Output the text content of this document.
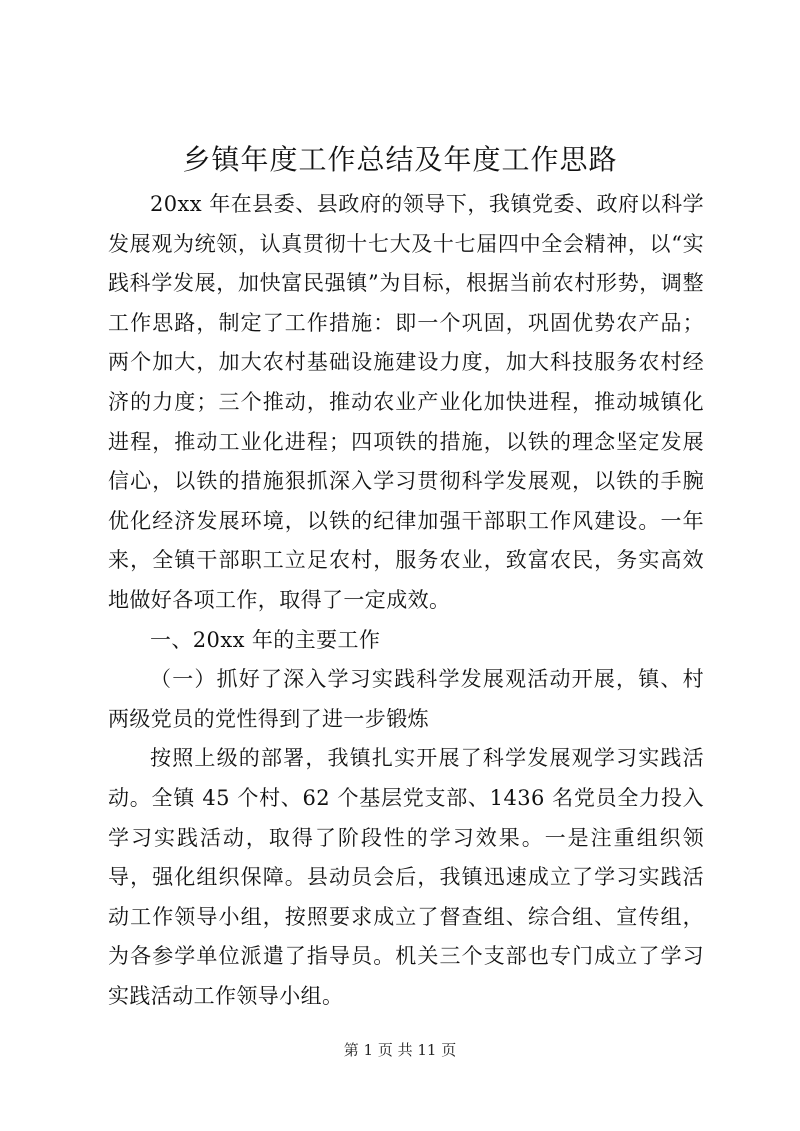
乡镇年度工作总结及年度工作思路

20xx 年在县委、县政府的领导下，我镇党委、政府以科学发展观为统领，认真贯彻十七大及十七届四中全会精神，以“实践科学发展，加快富民强镇”为目标，根据当前农村形势，调整工作思路，制定了工作措施：即一个巩固，巩固优势农产品；两个加大，加大农村基础设施建设力度，加大科技服务农村经济的力度；三个推动，推动农业产业化加快进程，推动城镇化进程，推动工业化进程；四项铁的措施，以铁的理念坚定发展信心，以铁的措施狠抓深入学习贯彻科学发展观，以铁的手腕优化经济发展环境，以铁的纪律加强干部职工作风建设。一年来，全镇干部职工立足农村，服务农业，致富农民，务实高效地做好各项工作，取得了一定成效。

一、20xx 年的主要工作

（一）抓好了深入学习实践科学发展观活动开展，镇、村两级党员的党性得到了进一步锻炼

按照上级的部署，我镇扎实开展了科学发展观学习实践活动。全镇 45 个村、62 个基层党支部、1436 名党员全力投入学习实践活动，取得了阶段性的学习效果。一是注重组织领导，强化组织保障。县动员会后，我镇迅速成立了学习实践活动工作领导小组，按照要求成立了督查组、综合组、宣传组，为各参学单位派遣了指导员。机关三个支部也专门成立了学习实践活动工作领导小组。

第 1 页 共 11 页
